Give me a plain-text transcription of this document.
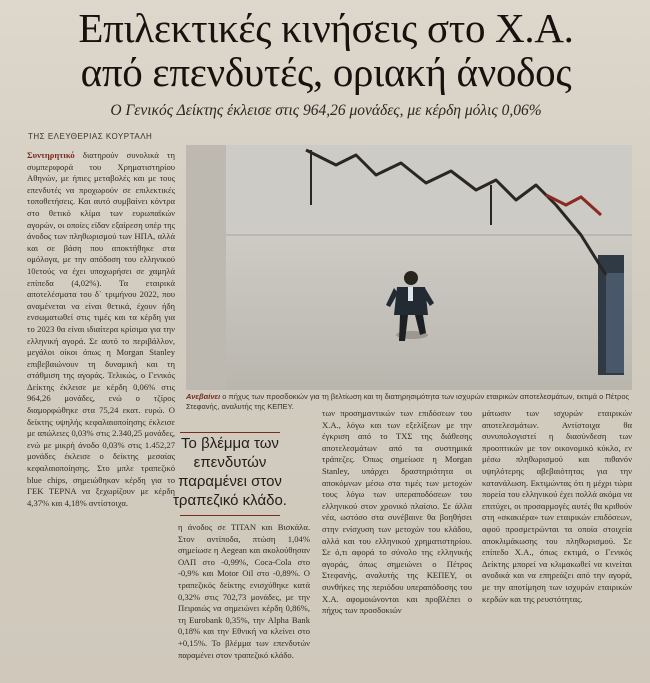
Επιλεκτικές κινήσεις στο Χ.Α.
από επενδυτές, οριακή άνοδος

Ο Γενικός Δείκτης έκλεισε στις 964,26 μονάδες, με κέρδη μόλις 0,06%

ΤΗΣ ΕΛΕΥΘΕΡΙΑΣ ΚΟΥΡΤΑΛΗ
Συντηρητικό διατηρούν συνολικά τη συμπεριφορά του Χρηματιστηρίου Αθηνών, με ήπιες μεταβολές και με τους επενδυτές να προχωρούν σε επιλεκτικές τοποθετήσεις. Και αυτό συμβαίνει κόντρα στο θετικό κλίμα των ευρωπαϊκών αγορών, οι οποίες είδαν εξαίρεση υπέρ της άνοδος των πληθωρισμού των ΗΠΑ, αλλά και σε βάση που αποκτήθηκε στα ομόλογα, με την απόδοση του ελληνικού 10ετούς να έχει υποχωρήσει σε χαμηλά επίπεδα (4,02%). Τα εταιρικά αποτελέσματα του δ΄ τριμήνου 2022, που αναμένεται να είναι θετικά, έχουν ήδη ενσωματωθεί στις τιμές και τα κέρδη για το 2023 θα είναι ιδιαίτερα κρίσιμα για την ελληνική αγορά. Σε αυτό το περιβάλλον, μεγάλοι οίκοι όπως η Morgan Stanley επιβεβαιώνουν τη δυναμική και τη στάθμιση της αγοράς. Τελικώς, ο Γενικός Δείκτης έκλεισε με κέρδη 0,06% στις 964,26 μονάδες, ενώ ο τζίρος διαμορφώθηκε στα 75,24 εκατ. ευρώ. Ο δείκτης υψηλής κεφαλαιοποίησης έκλεισε με απώλειες 0,03% στις 2.340,25 μονάδες, ενώ με μικρή άνοδο 0,03% στις 1.452,27 μονάδες έκλεισε ο δείκτης μεσαίας κεφαλαιοποίησης. Στο μπλε τραπεζικό blue chips, σημειώθηκαν κέρδη για το ΓΕΚ ΤΕΡΝΑ να ξεχωρίζουν με κέρδη 4,37% και 4,18% αντίστοιχα.
Ανεβαίνει ο πήχυς των προσδοκιών για τη βελτίωση και τη διατηρησιμότητα των ισχυρών εταιρικών αποτελεσμάτων, εκτιμά ο Πέτρος Στεφανής, αναλυτής της ΚΕΠΕΥ.
Το βλέμμα των επενδυτών παραμένει στον τραπεζικό κλάδο.
η άνοδος σε ΤΙΤΑΝ και Βισκάλα. Στον αντίποδα, πτώση 1,04% σημείωσε η Aegean και ακολούθησαν ΟΛΠ στο -0,99%, Coca-Cola στο -0,9% και Motor Oil στο -0,89%. Ο τραπεζικός δείκτης ενισχύθηκε κατά 0,32% στις 702,73 μονάδες, με την Πειραιώς να σημειώνει κέρδη 0,86%, τη Eurobank 0,35%, την Alpha Bank 0,18% και την Εθνική να κλείνει στο +0,15%. Το βλέμμα των επενδυτών παραμένει στον τραπεζικό κλάδο.
των προσημαντικών των επιδόσεων του Χ.Α., λόγω και των εξελίξεων με την έγκριση από το ΤΧΣ της διάθεσης αποτελεσμάτων από τα συστημικά τράπεζες. Όπως σημείωσε η Morgan Stanley, υπάρχει δραστηριότητα οι αποκόμνων μέσω στα τιμές των μετοχών τους λόγω των υπεραποδόσεων του ελληνικού στον χρονικό πλαίσιο. Σε άλλα νέα, ωστόσο στα συνέβαινε θα βοηθήσει στην ενίσχυση των μετοχών του κλάδου, αλλά και του ελληνικού χρηματιστηρίου. Σε ό,τι αφορά το σύνολο της ελληνικής αγοράς, όπως σημειώνει ο Πέτρος Στεφανής, αναλυτής της ΚΕΠΕΥ, οι συνθήκες της περιόδου υπεραπόδοσης του Χ.Α. αφομοιώνονται και προβλέπει ο πήχυς των προσδοκιών
μάτωσιν των ισχυρών εταιρικών αποτελεσμάτων. Αντίστοιχα θα συνυπολογιστεί η διασύνδεση των προοπτικών με τον οικονομικό κύκλο, εν μέσω πληθωρισμού και πιθανόν υψηλότερης αβεβαιότητας για την κατανάλωση. Εκτιμώντας ότι η μέχρι τώρα πορεία του ελληνικού έχει πολλά ακόμα να επιτύχει, οι προσαρμογές αυτές θα κριθούν στη «σκακιέρα» των εταιρικών επιδόσεων, αφού προσμετρώνται τα οποία στοιχεία αποκλιμάκωσης του πληθωρισμού. Σε επίπεδο Χ.Α., όπως εκτιμά, ο Γενικός Δείκτης μπορεί να κλιμακωθεί να κινείται ανοδικά και να επηρεάζει από την αγορά, με την αποτίμηση των ισχυρών εταιρικών κερδών και της ρευστότητας.
